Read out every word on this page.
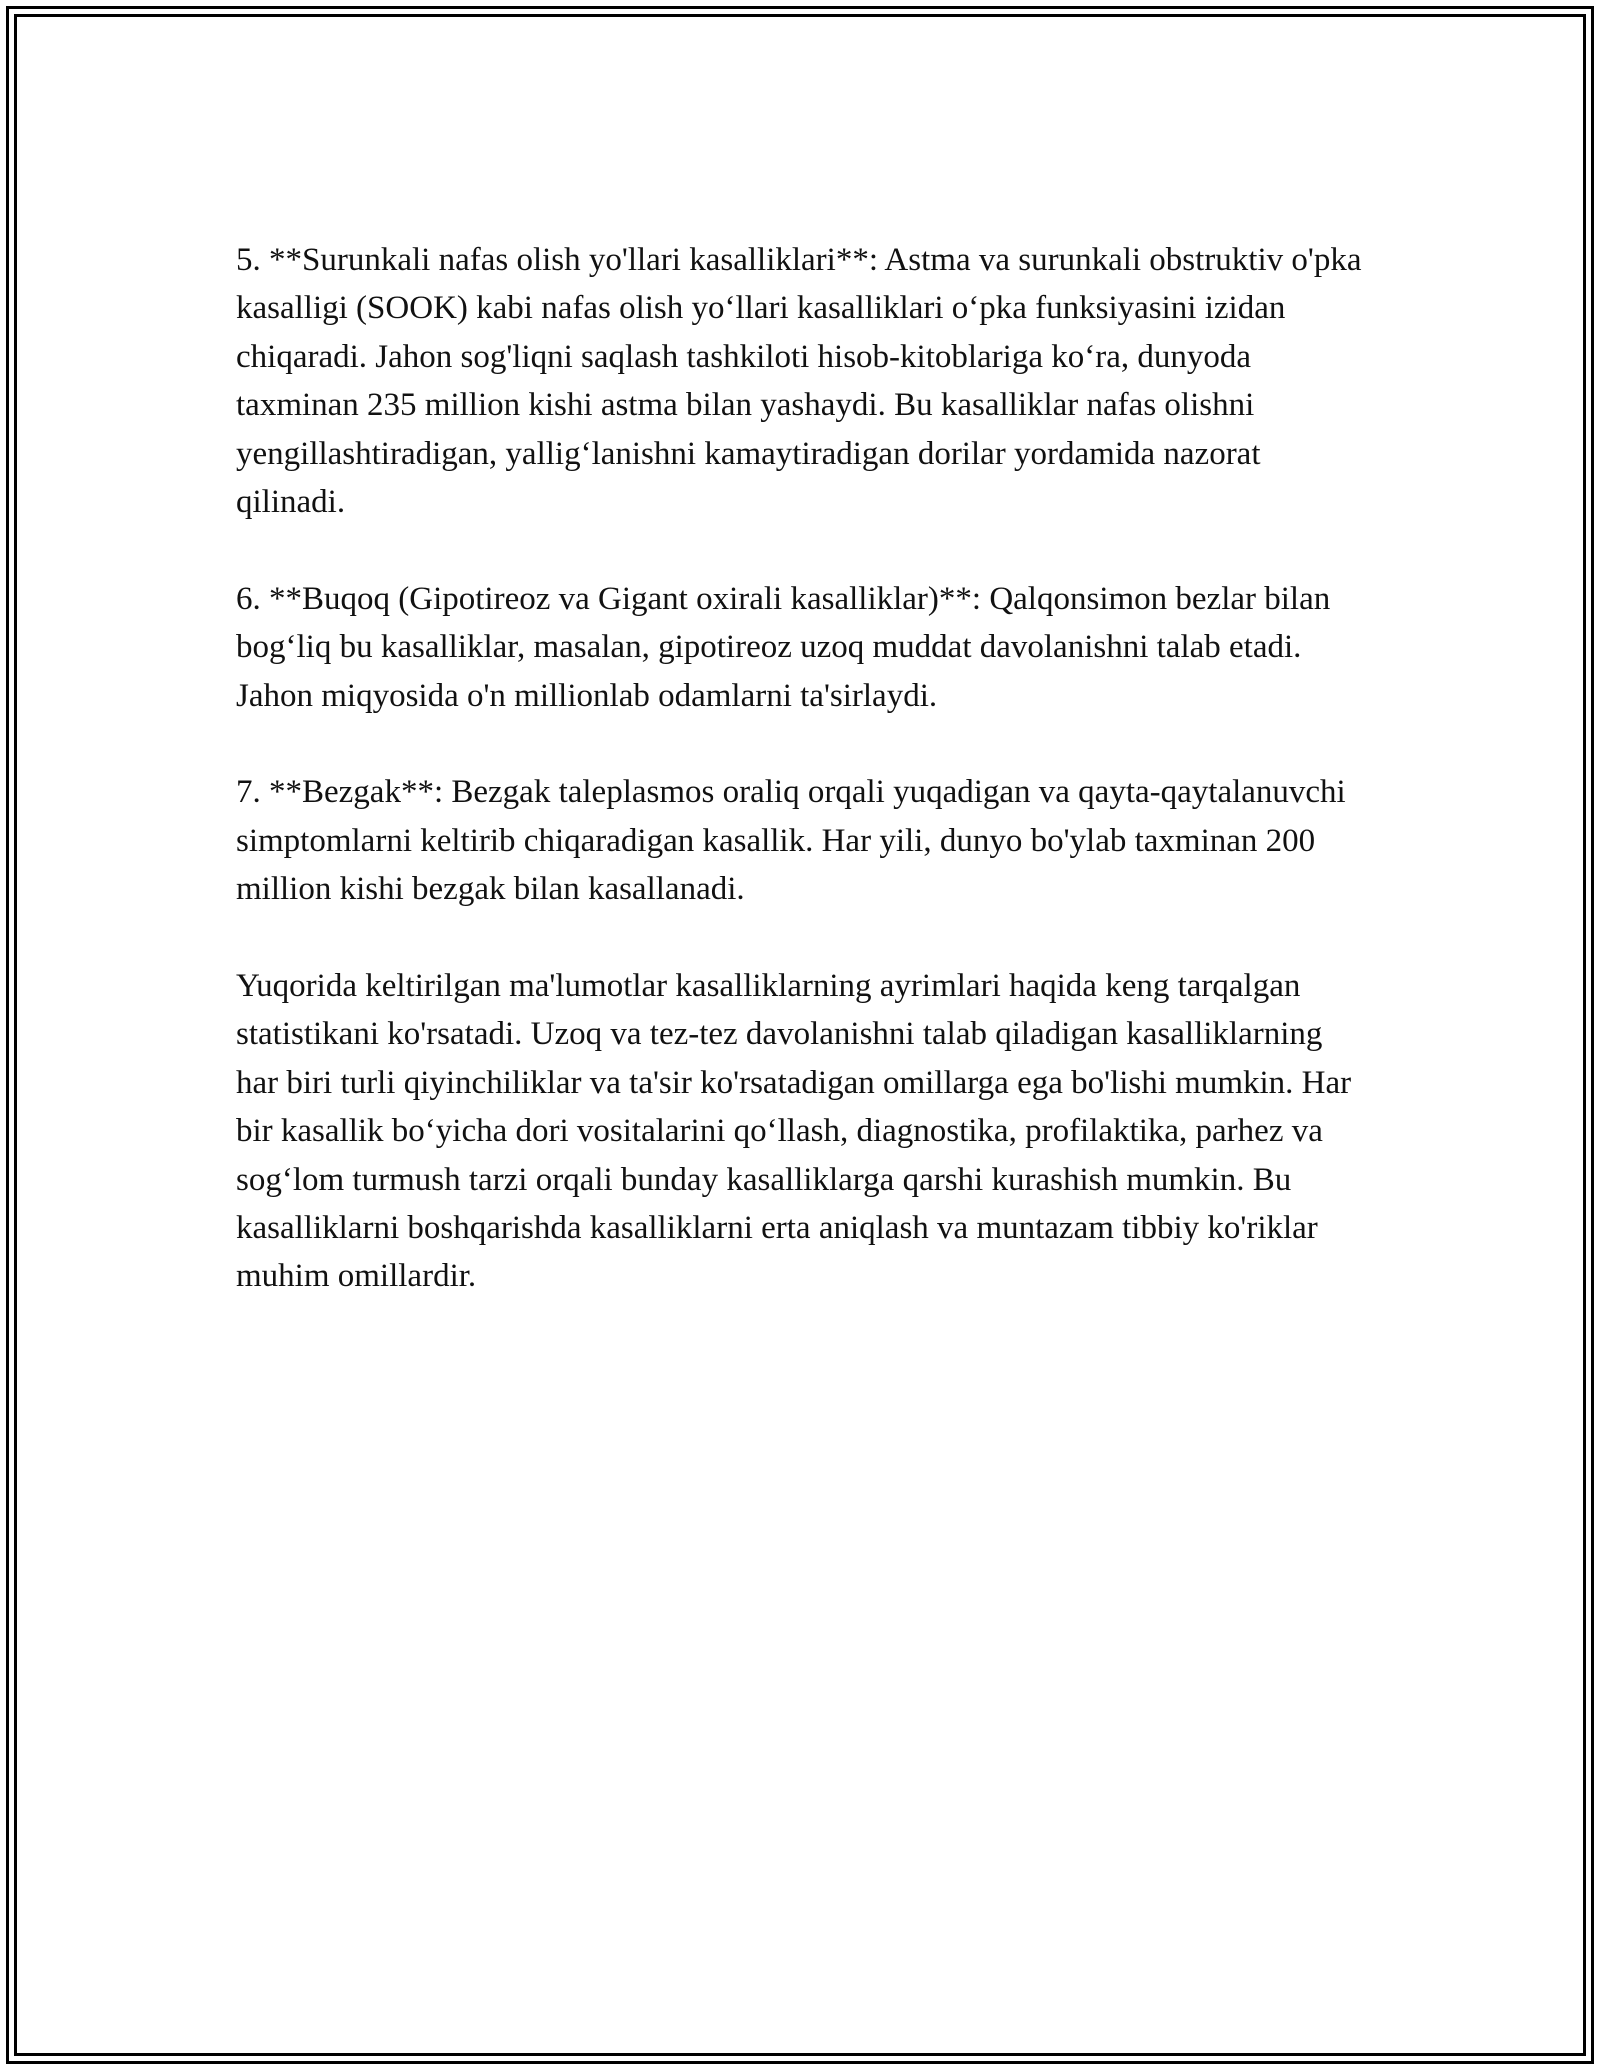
5. **Surunkali nafas olish yo'llari kasalliklari**: Astma va surunkali obstruktiv o'pka kasalligi (SOOK) kabi nafas olish yo‘llari kasalliklari o‘pka funksiyasini izidan chiqaradi. Jahon sog'liqni saqlash tashkiloti hisob-kitoblariga ko‘ra, dunyoda taxminan 235 million kishi astma bilan yashaydi. Bu kasalliklar nafas olishni yengillashtiradigan, yallig‘lanishni kamaytiradigan dorilar yordamida nazorat qilinadi.

6. **Buqoq (Gipotireoz va Gigant oxirali kasalliklar)**: Qalqonsimon bezlar bilan bog‘liq bu kasalliklar, masalan, gipotireoz uzoq muddat davolanishni talab etadi. Jahon miqyosida o'n millionlab odamlarni ta'sirlaydi.

7. **Bezgak**: Bezgak taleplasmos oraliq orqali yuqadigan va qayta-qaytalanuvchi simptomlarni keltirib chiqaradigan kasallik. Har yili, dunyo bo'ylab taxminan 200 million kishi bezgak bilan kasallanadi.

Yuqorida keltirilgan ma'lumotlar kasalliklarning ayrimlari haqida keng tarqalgan statistikani ko'rsatadi. Uzoq va tez-tez davolanishni talab qiladigan kasalliklarning har biri turli qiyinchiliklar va ta'sir ko'rsatadigan omillarga ega bo'lishi mumkin. Har bir kasallik bo‘yicha dori vositalarini qo‘llash, diagnostika, profilaktika, parhez va sog‘lom turmush tarzi orqali bunday kasalliklarga qarshi kurashish mumkin. Bu kasalliklarni boshqarishda kasalliklarni erta aniqlash va muntazam tibbiy ko'riklar muhim omillardir.
